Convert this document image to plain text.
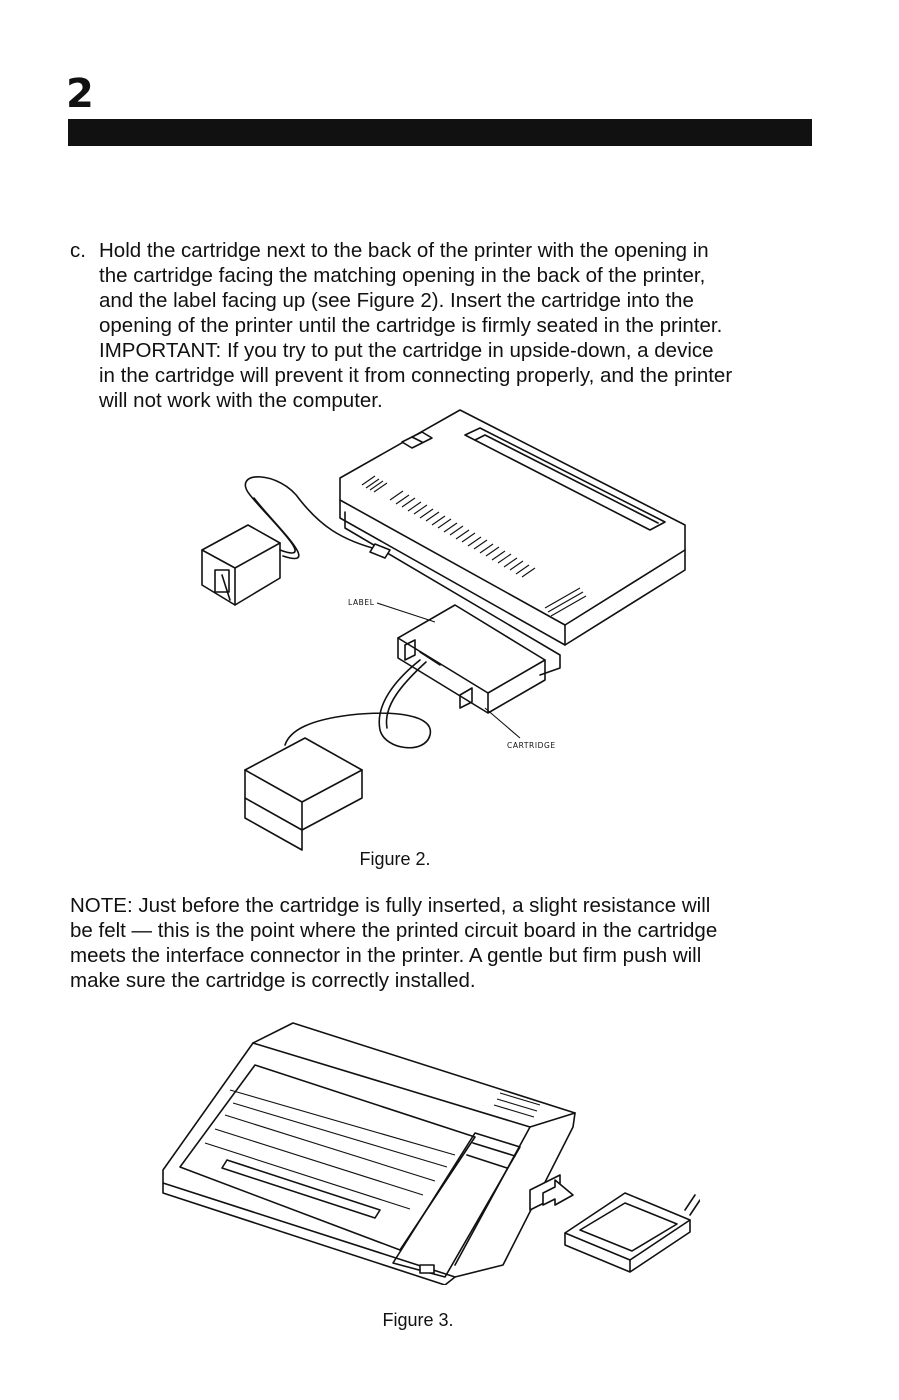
2
c. Hold the cartridge next to the back of the printer with the opening in

the cartridge facing the matching opening in the back of the printer,

and the label facing up (see Figure 2). Insert the cartridge into the

opening of the printer until the cartridge is firmly seated in the printer.

IMPORTANT: If you try to put the cartridge in upside-down, a device

in the cartridge will prevent it from connecting properly, and the printer

will not work with the computer.

LABEL
CARTRIDGE
Figure 2.
NOTE: Just before the cartridge is fully inserted, a slight resistance will
be felt — this is the point where the printed circuit board in the cartridge
meets the interface connector in the printer. A gentle but firm push will
make sure the cartridge is correctly installed.
Figure 3.
